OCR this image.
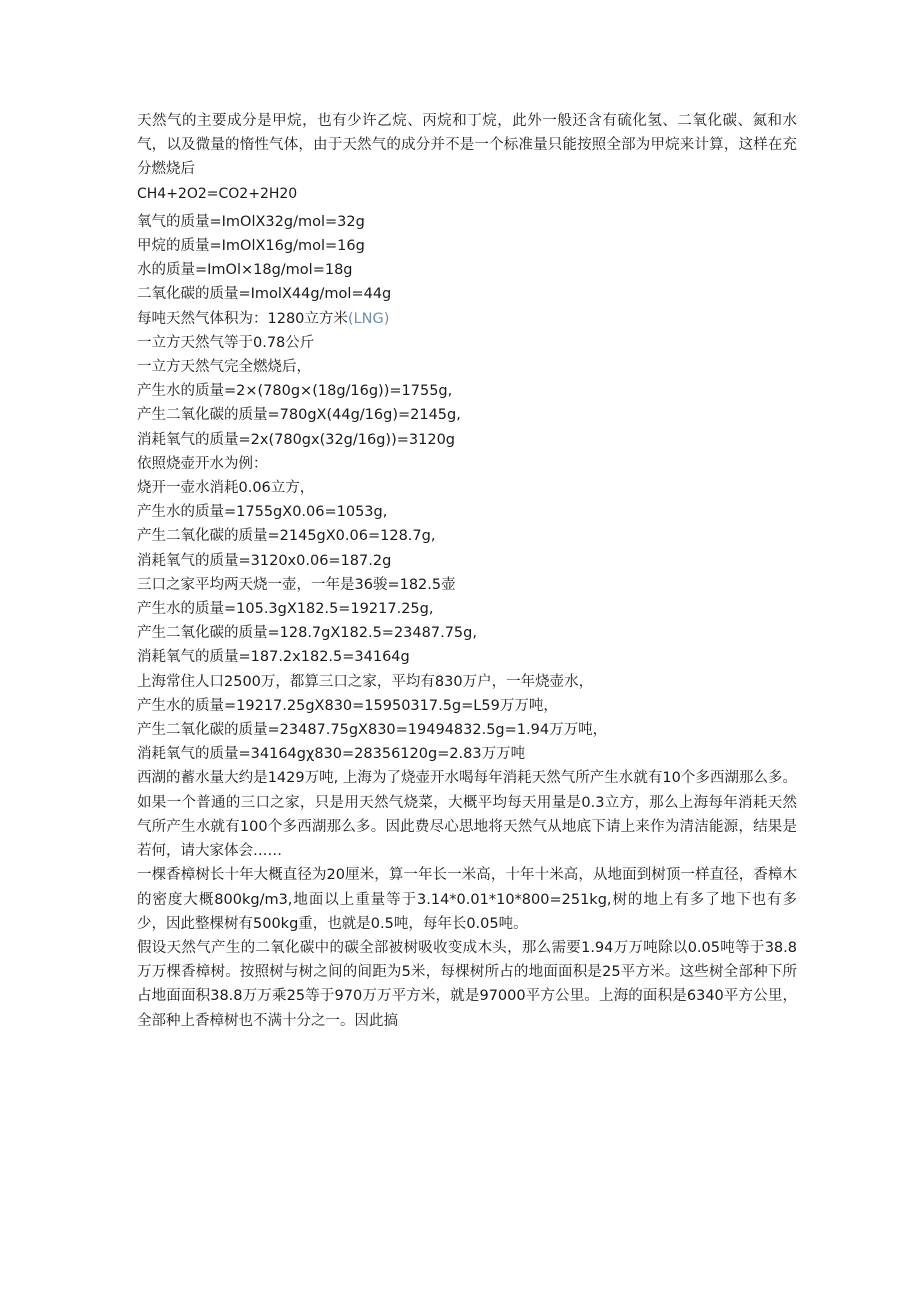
天然气的主要成分是甲烷，也有少许乙烷、丙烷和丁烷，此外一般还含有硫化氢、二氧化碳、氮和水气，以及微量的惰性气体，由于天然气的成分并不是一个标准量只能按照全部为甲烷来计算，这样在充分燃烧后

CH4+2O2=CO2+2H20

氧气的质量=ImOlX32g∕mol=32g

甲烷的质量=ImOlX16g∕mol=16g

水的质量=ImOl×18g∕mol=18g

二氧化碳的质量=ImolX44g∕mol=44g

每吨天然气体积为：1280立方米(LNG)

一立方天然气等于0.78公斤

一立方天然气完全燃烧后，

产生水的质量=2×(780g×(18g∕16g))=1755g,

产生二氧化碳的质量=780gX(44g∕16g)=2145g,

消耗氧气的质量=2x(780gx(32g∕16g))=3120g

依照烧壶开水为例：

烧开一壶水消耗0.06立方，

产生水的质量=1755gX0.06=1053g,

产生二氧化碳的质量=2145gX0.06=128.7g,

消耗氧气的质量=3120x0.06=187.2g

三口之家平均两天烧一壶，一年是36骏=182.5壶

产生水的质量=105.3gX182.5=19217.25g,

产生二氧化碳的质量=128.7gX182.5=23487.75g,

消耗氧气的质量=187.2x182.5=34164g

上海常住人口2500万，都算三口之家，平均有830万户，一年烧壶水，

产生水的质量=19217.25gX830=15950317.5g=L59万万吨，

产生二氧化碳的质量=23487.75gX830=19494832.5g=1.94万万吨，

消耗氧气的质量=34164gχ830=28356120g=2.83万万吨

西湖的蓄水量大约是1429万吨, 上海为了烧壶开水喝每年消耗天然气所产生水就有10个多西湖那么多。如果一个普通的三口之家，只是用天然气烧菜，大概平均每天用量是0.3立方，那么上海每年消耗天然气所产生水就有100个多西湖那么多。因此费尽心思地将天然气从地底下请上来作为清洁能源，结果是若何，请大家体会……

一棵香樟树长十年大概直径为20厘米，算一年长一米高，十年十米高，从地面到树顶一样直径，香樟木的密度大概800kg∕m3,地面以上重量等于3.14*0.01*10*800=251kg,树的地上有多了地下也有多少，因此整棵树有500kg重，也就是0.5吨，每年长0.05吨。

假设天然气产生的二氧化碳中的碳全部被树吸收变成木头，那么需要1.94万万吨除以0.05吨等于38.8万万棵香樟树。按照树与树之间的间距为5米，每棵树所占的地面面积是25平方米。这些树全部种下所占地面面积38.8万万乘25等于970万万平方米，就是97000平方公里。上海的面积是6340平方公里，全部种上香樟树也不满十分之一。因此搞
